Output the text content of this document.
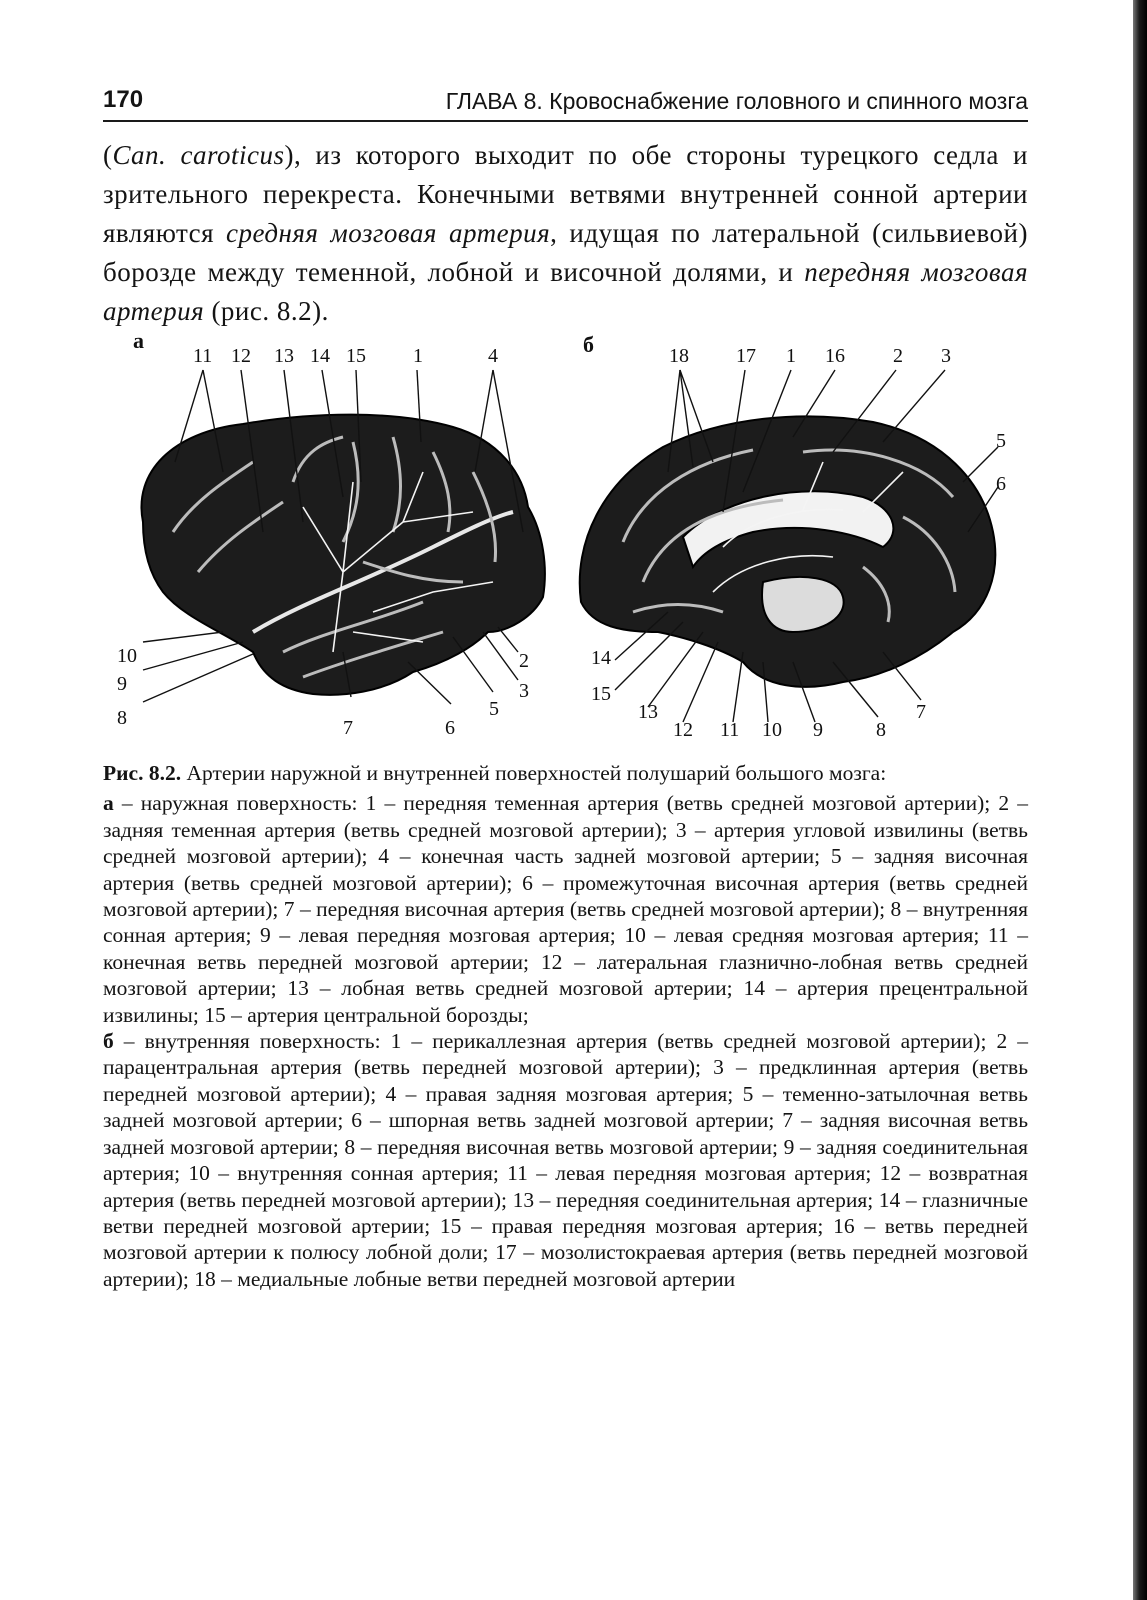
170	ГЛАВА 8. Кровоснабжение головного и спинного мозга
(Can. caroticus), из которого выходит по обе стороны турецкого седла и зрительного перекреста. Конечными ветвями внутренней сонной артерии являются средняя мозговая артерия, идущая по латеральной (сильвиевой) борозде между теменной, лобной и височной долями, и передняя мозговая артерия (рис. 8.2).
а
11 12 13 14 15 1	4
10
9
8	7	6
5
3
2
б	18 17 1 16 2 3
5
6
14
15
13
12 11 10 9	8
7

Рис. 8.2. Артерии наружной и внутренней поверхностей полушарий большого мозга:

а – наружная поверхность: 1 – передняя теменная артерия (ветвь средней мозговой артерии); 2 – задняя теменная артерия (ветвь средней мозговой артерии); 3 – артерия угловой извилины (ветвь средней мозговой артерии); 4 – конечная часть задней мозговой артерии; 5 – задняя височная артерия (ветвь средней мозговой артерии); 6 – промежуточная височная артерия (ветвь средней мозговой артерии); 7 – передняя височная артерия (ветвь средней мозговой артерии); 8 – внутренняя сонная артерия; 9 – левая передняя мозговая артерия; 10 – левая средняя мозговая артерия; 11 – конечная ветвь передней мозговой артерии; 12 – латеральная глазнично-лобная ветвь средней мозговой артерии; 13 – лобная ветвь средней мозговой артерии; 14 – артерия прецентральной извилины; 15 – артерия центральной борозды;

б – внутренняя поверхность: 1 – перикаллезная артерия (ветвь средней мозговой артерии); 2 – парацентральная артерия (ветвь передней мозговой артерии); 3 – предклинная артерия (ветвь передней мозговой артерии); 4 – правая задняя мозговая артерия; 5 – теменно-затылочная ветвь задней мозговой артерии; 6 – шпорная ветвь задней мозговой артерии; 7 – задняя височная ветвь задней мозговой артерии; 8 – передняя височная ветвь мозговой артерии; 9 – задняя соединительная артерия; 10 – внутренняя сонная артерия; 11 – левая передняя мозговая артерия; 12 – возвратная артерия (ветвь передней мозговой артерии); 13 – передняя соединительная артерия; 14 – глазничные ветви передней мозговой артерии; 15 – правая передняя мозговая артерия; 16 – ветвь передней мозговой артерии к полюсу лобной доли; 17 – мозолистокраевая артерия (ветвь передней мозговой артерии); 18 – медиальные лобные ветви передней мозговой артерии
